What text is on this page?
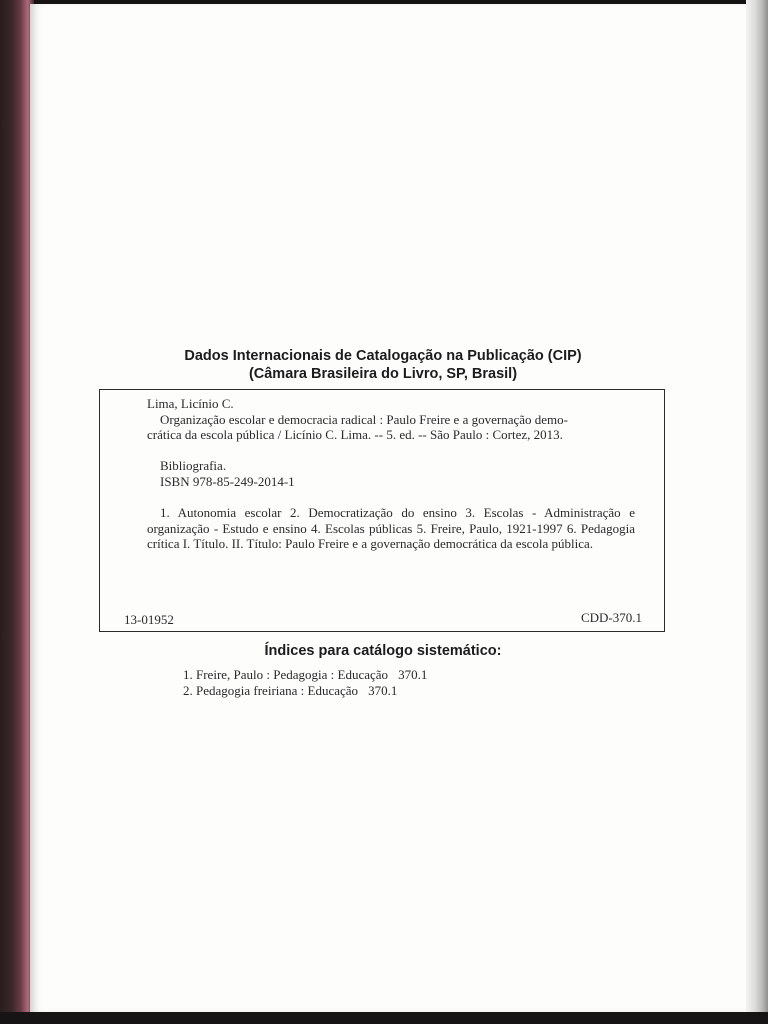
Dados Internacionais de Catalogação na Publicação (CIP)
(Câmara Brasileira do Livro, SP, Brasil)

Lima, Licínio C.

Organização escolar e democracia radical : Paulo Freire e a governação demo-

crática da escola pública / Licínio C. Lima. -- 5. ed. -- São Paulo : Cortez, 2013.

Bibliografia.

ISBN 978-85-249-2014-1

1. Autonomia escolar 2. Democratização do ensino 3. Escolas - Administração e organização - Estudo e ensino 4. Escolas públicas 5. Freire, Paulo, 1921-1997 6. Pedagogia crítica I. Título. II. Título: Paulo Freire e a governação democrática da escola pública.

13-01952	CDD-370.1
Índices para catálogo sistemático:
1. Freire, Paulo : Pedagogia : Educação 370.1
2. Pedagogia freiriana : Educação 370.1
